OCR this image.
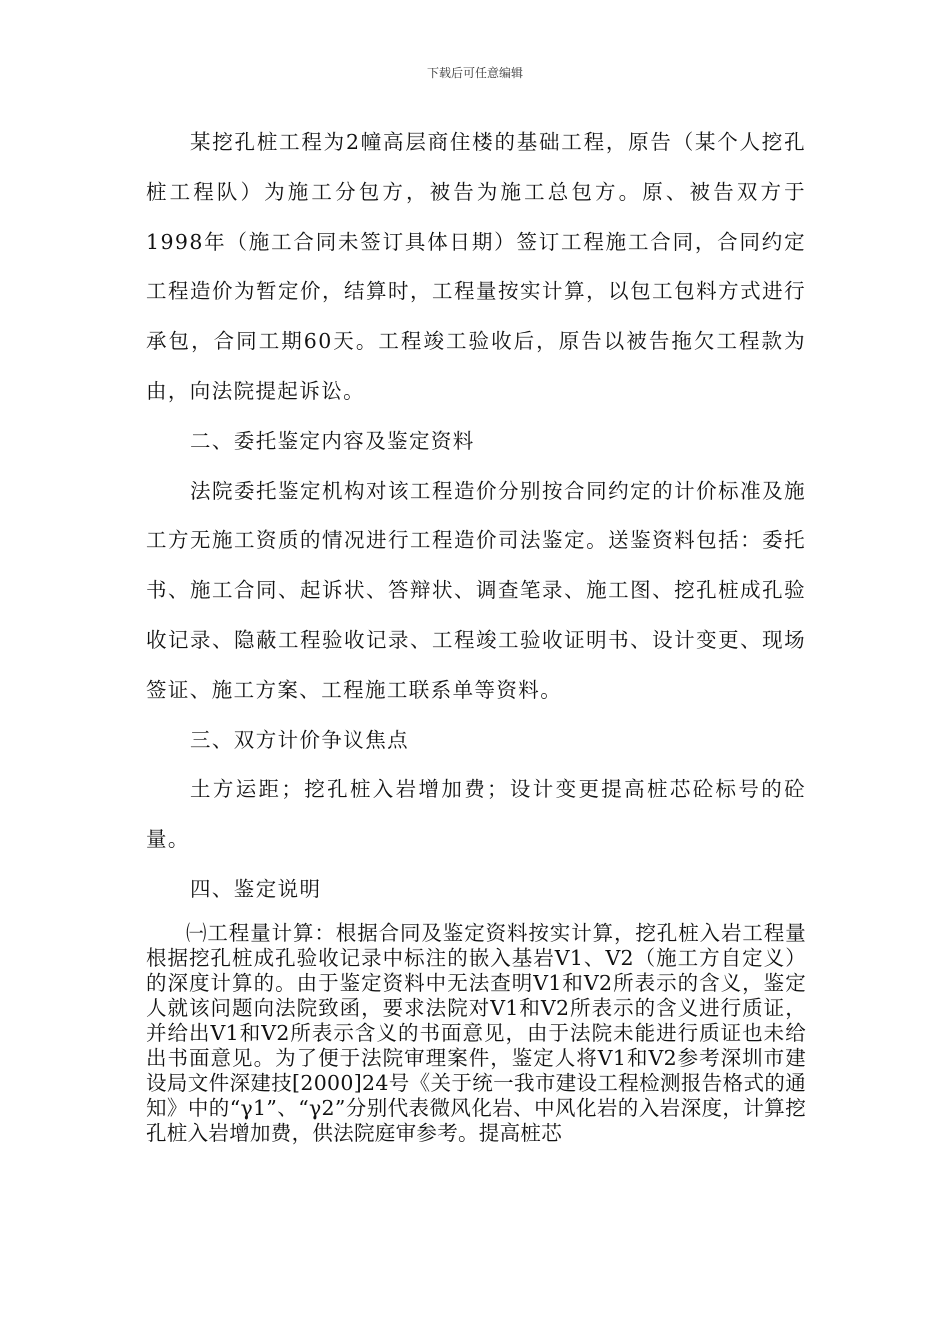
下载后可任意编辑

某挖孔桩工程为2幢高层商住楼的基础工程，原告（某个人挖孔桩工程队）为施工分包方，被告为施工总包方。原、被告双方于1998年（施工合同未签订具体日期）签订工程施工合同，合同约定工程造价为暂定价，结算时，工程量按实计算，以包工包料方式进行承包，合同工期60天。工程竣工验收后，原告以被告拖欠工程款为由，向法院提起诉讼。

二、委托鉴定内容及鉴定资料

法院委托鉴定机构对该工程造价分别按合同约定的计价标准及施工方无施工资质的情况进行工程造价司法鉴定。送鉴资料包括：委托书、施工合同、起诉状、答辩状、调查笔录、施工图、挖孔桩成孔验收记录、隐蔽工程验收记录、工程竣工验收证明书、设计变更、现场签证、施工方案、工程施工联系单等资料。

三、双方计价争议焦点

土方运距；挖孔桩入岩增加费；设计变更提高桩芯砼标号的砼量。

四、鉴定说明

㈠工程量计算：根据合同及鉴定资料按实计算，挖孔桩入岩工程量根据挖孔桩成孔验收记录中标注的嵌入基岩V1、V2（施工方自定义）的深度计算的。由于鉴定资料中无法查明V1和V2所表示的含义，鉴定人就该问题向法院致函，要求法院对V1和V2所表示的含义进行质证，并给出V1和V2所表示含义的书面意见，由于法院未能进行质证也未给出书面意见。为了便于法院审理案件，鉴定人将V1和V2参考深圳市建设局文件深建技[2000]24号《关于统一我市建设工程检测报告格式的通知》中的“γ1”、“γ2”分别代表微风化岩、中风化岩的入岩深度，计算挖孔桩入岩增加费，供法院庭审参考。提高桩芯
